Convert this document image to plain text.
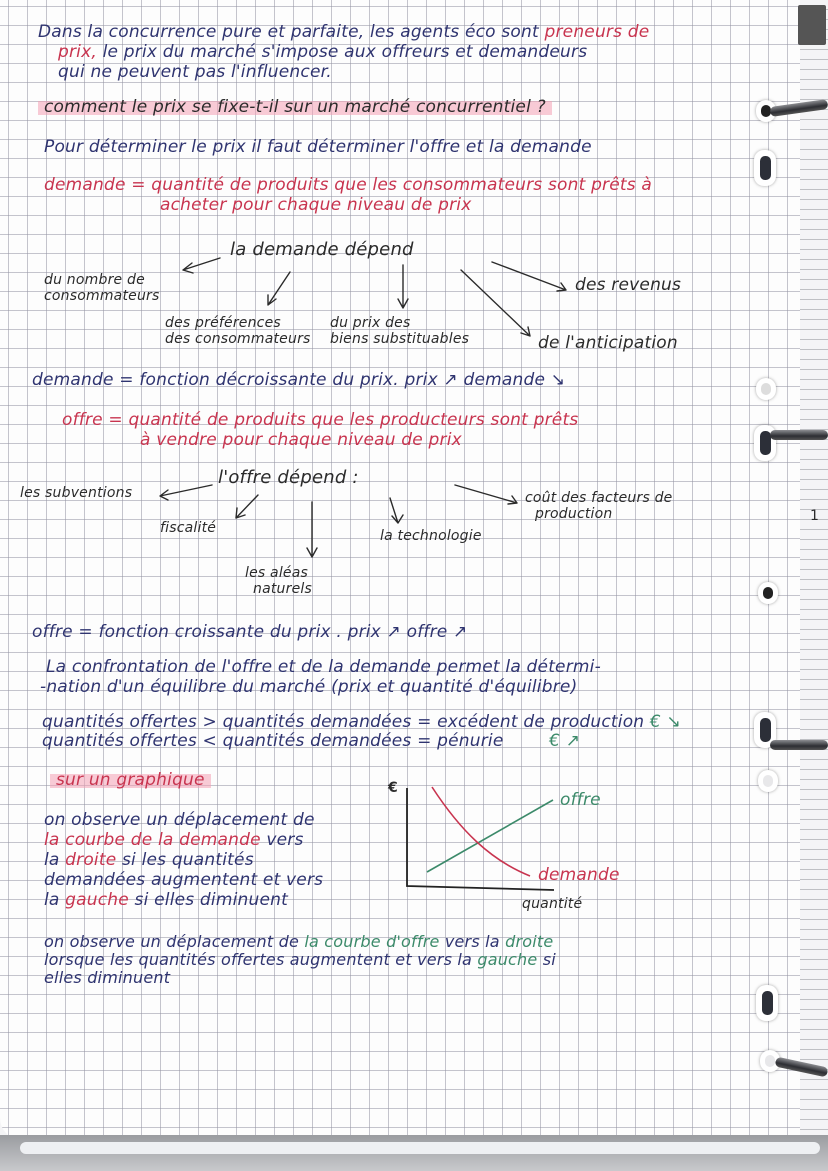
Dans la concurrence pure et parfaite, les agents éco sont preneurs de
prix, le prix du marché s'impose aux offreurs et demandeurs
qui ne peuvent pas l'influencer.
comment le prix se fixe-t-il sur un marché concurrentiel ?
Pour déterminer le prix il faut déterminer l'offre et la demande
demande = quantité de produits que les consommateurs sont prêts à
acheter pour chaque niveau de prix
la demande dépend
du nombre de
consommateurs
des préférences
des consommateurs
du prix des
biens substituables	de l'anticipation
des revenus
demande = fonction décroissante du prix. prix ↗ demande ↘
offre = quantité de produits que les producteurs sont prêts
à vendre pour chaque niveau de prix
l'offre dépend :
les subventions
fiscalité
les aléas
naturels
la technologie
coût des facteurs de
production
offre = fonction croissante du prix . prix ↗ offre ↗
La confrontation de l'offre et de la demande permet la détermi-
-nation d'un équilibre du marché (prix et quantité d'équilibre)
quantités offertes > quantités demandées = excédent de production € ↘
quantités offertes < quantités demandées = pénurie	€ ↗
sur un graphique
on observe un déplacement de
la courbe de la demande vers
la droite si les quantités
demandées augmentent et vers
la gauche si elles diminuent
€
quantité
offre
demande
on observe un déplacement de la courbe d'offre vers la droite
lorsque les quantités offertes augmentent et vers la gauche si
elles diminuent
1
